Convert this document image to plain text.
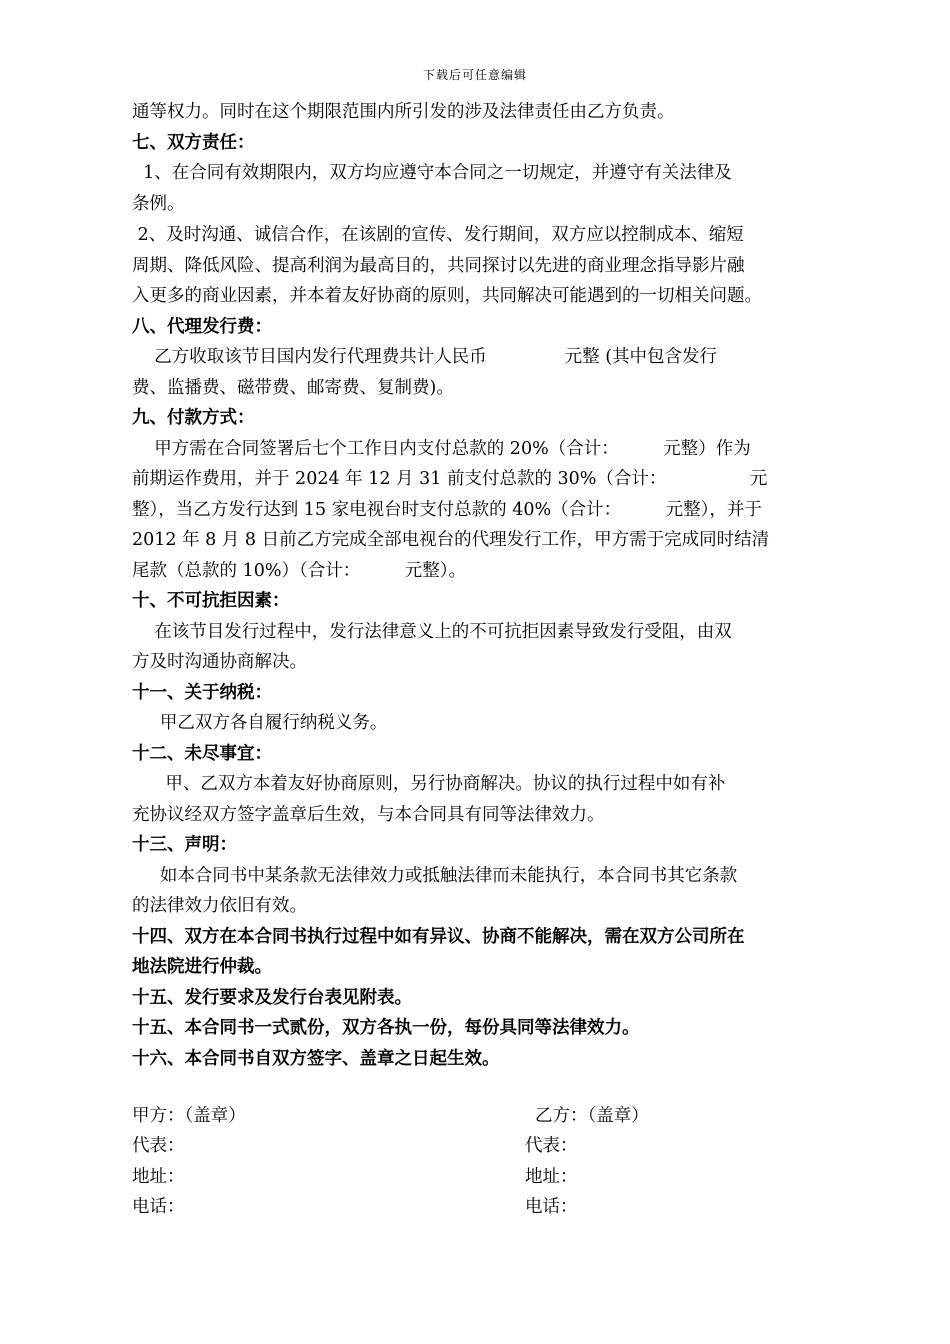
下载后可任意编辑
通等权力。同时在这个期限范围内所引发的涉及法律责任由乙方负责。
七、双方责任：
1、在合同有效期限内，双方均应遵守本合同之一切规定，并遵守有关法律及
条例。
2、及时沟通、诚信合作，在该剧的宣传、发行期间，双方应以控制成本、缩短
周期、降低风险、提高利润为最高目的，共同探讨以先进的商业理念指导影片融
入更多的商业因素，并本着友好协商的原则，共同解决可能遇到的一切相关问题。
八、代理发行费：
乙方收取该节目国内发行代理费共计人民币              元整 (其中包含发行
费、监播费、磁带费、邮寄费、复制费)。
九、付款方式：
甲方需在合同签署后七个工作日内支付总款的 20%（合计：        元整）作为
前期运作费用，并于 2024 年 12 月 31 前支付总款的 30%（合计：               元
整），当乙方发行达到 15 家电视台时支付总款的 40%（合计：        元整），并于
2012 年 8 月 8 日前乙方完成全部电视台的代理发行工作，甲方需于完成同时结清
尾款（总款的 10%）（合计：        元整）。
十、不可抗拒因素：
在该节目发行过程中，发行法律意义上的不可抗拒因素导致发行受阻，由双
方及时沟通协商解决。
十一、关于纳税：
甲乙双方各自履行纳税义务。
十二、未尽事宜：
甲、乙双方本着友好协商原则，另行协商解决。协议的执行过程中如有补
充协议经双方签字盖章后生效，与本合同具有同等法律效力。
十三、声明：
如本合同书中某条款无法律效力或抵触法律而未能执行，本合同书其它条款
的法律效力依旧有效。
十四、双方在本合同书执行过程中如有异议、协商不能解决，需在双方公司所在
地法院进行仲裁。
十五、发行要求及发行台表见附表。
十五、本合同书一式贰份，双方各执一份，每份具同等法律效力。
十六、本合同书自双方签字、盖章之日起生效。
甲方：（盖章）
代表：
地址：
电话：
乙方：（盖章）
代表：
地址：
电话：
